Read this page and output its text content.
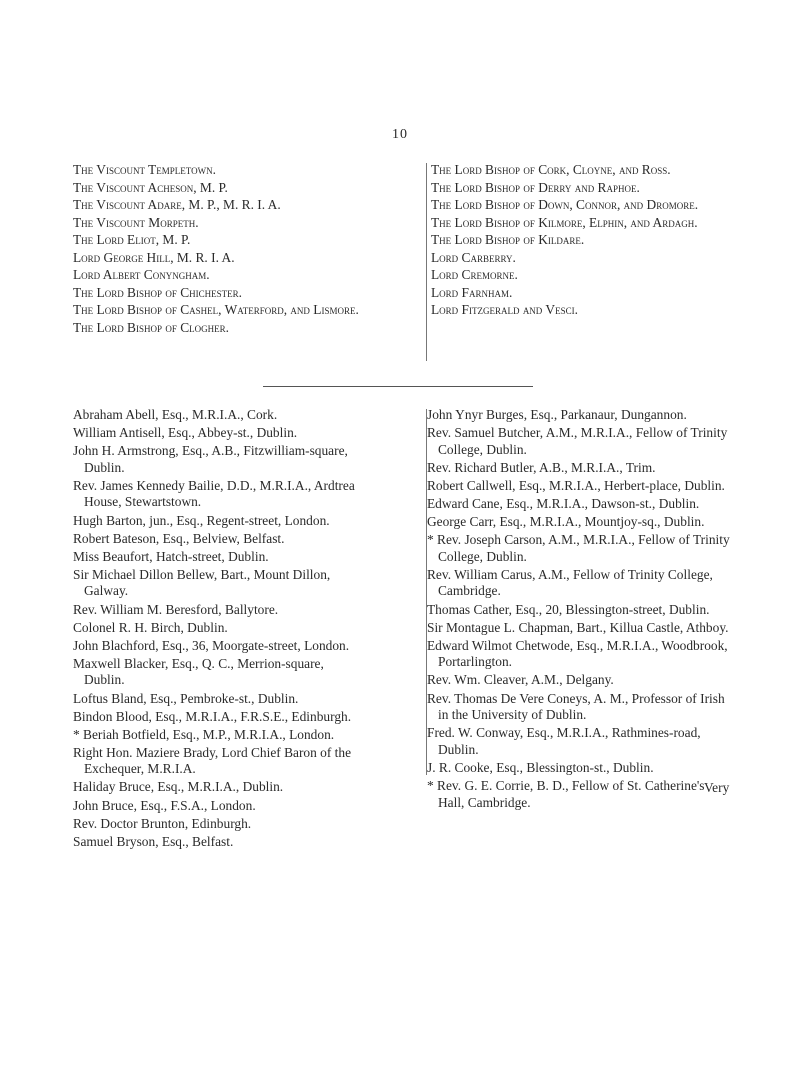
10
The Viscount Templetown.
The Viscount Acheson, M. P.
The Viscount Adare, M. P., M. R. I. A.
The Viscount Morpeth.
The Lord Eliot, M. P.
Lord George Hill, M. R. I. A.
Lord Albert Conyngham.
The Lord Bishop of Chichester.
The Lord Bishop of Cashel, Waterford, and Lismore.
The Lord Bishop of Clogher.
The Lord Bishop of Cork, Cloyne, and Ross.
The Lord Bishop of Derry and Raphoe.
The Lord Bishop of Down, Connor, and Dromore.
The Lord Bishop of Kilmore, Elphin, and Ardagh.
The Lord Bishop of Kildare.
Lord Carberry.
Lord Cremorne.
Lord Farnham.
Lord Fitzgerald and Vesci.
Abraham Abell, Esq., M.R.I.A., Cork.
William Antisell, Esq., Abbey-st., Dublin.
John H. Armstrong, Esq., A.B., Fitzwilliam-square, Dublin.
Rev. James Kennedy Bailie, D.D., M.R.I.A., Ardtrea House, Stewartstown.
Hugh Barton, jun., Esq., Regent-street, London.
Robert Bateson, Esq., Belview, Belfast.
Miss Beaufort, Hatch-street, Dublin.
Sir Michael Dillon Bellew, Bart., Mount Dillon, Galway.
Rev. William M. Beresford, Ballytore.
Colonel R. H. Birch, Dublin.
John Blachford, Esq., 36, Moorgate-street, London.
Maxwell Blacker, Esq., Q. C., Merrion-square, Dublin.
Loftus Bland, Esq., Pembroke-st., Dublin.
Bindon Blood, Esq., M.R.I.A., F.R.S.E., Edinburgh.
* Beriah Botfield, Esq., M.P., M.R.I.A., London.
Right Hon. Maziere Brady, Lord Chief Baron of the Exchequer, M.R.I.A.
Haliday Bruce, Esq., M.R.I.A., Dublin.
John Bruce, Esq., F.S.A., London.
Rev. Doctor Brunton, Edinburgh.
Samuel Bryson, Esq., Belfast.
John Ynyr Burges, Esq., Parkanaur, Dungannon.
Rev. Samuel Butcher, A.M., M.R.I.A., Fellow of Trinity College, Dublin.
Rev. Richard Butler, A.B., M.R.I.A., Trim.
Robert Callwell, Esq., M.R.I.A., Herbert-place, Dublin.
Edward Cane, Esq., M.R.I.A., Dawson-st., Dublin.
George Carr, Esq., M.R.I.A., Mountjoy-sq., Dublin.
* Rev. Joseph Carson, A.M., M.R.I.A., Fellow of Trinity College, Dublin.
Rev. William Carus, A.M., Fellow of Trinity College, Cambridge.
Thomas Cather, Esq., 20, Blessington-street, Dublin.
Sir Montague L. Chapman, Bart., Killua Castle, Athboy.
Edward Wilmot Chetwode, Esq., M.R.I.A., Woodbrook, Portarlington.
Rev. Wm. Cleaver, A.M., Delgany.
Rev. Thomas De Vere Coneys, A. M., Professor of Irish in the University of Dublin.
Fred. W. Conway, Esq., M.R.I.A., Rathmines-road, Dublin.
J. R. Cooke, Esq., Blessington-st., Dublin.
* Rev. G. E. Corrie, B. D., Fellow of St. Catherine's Hall, Cambridge.
Very
